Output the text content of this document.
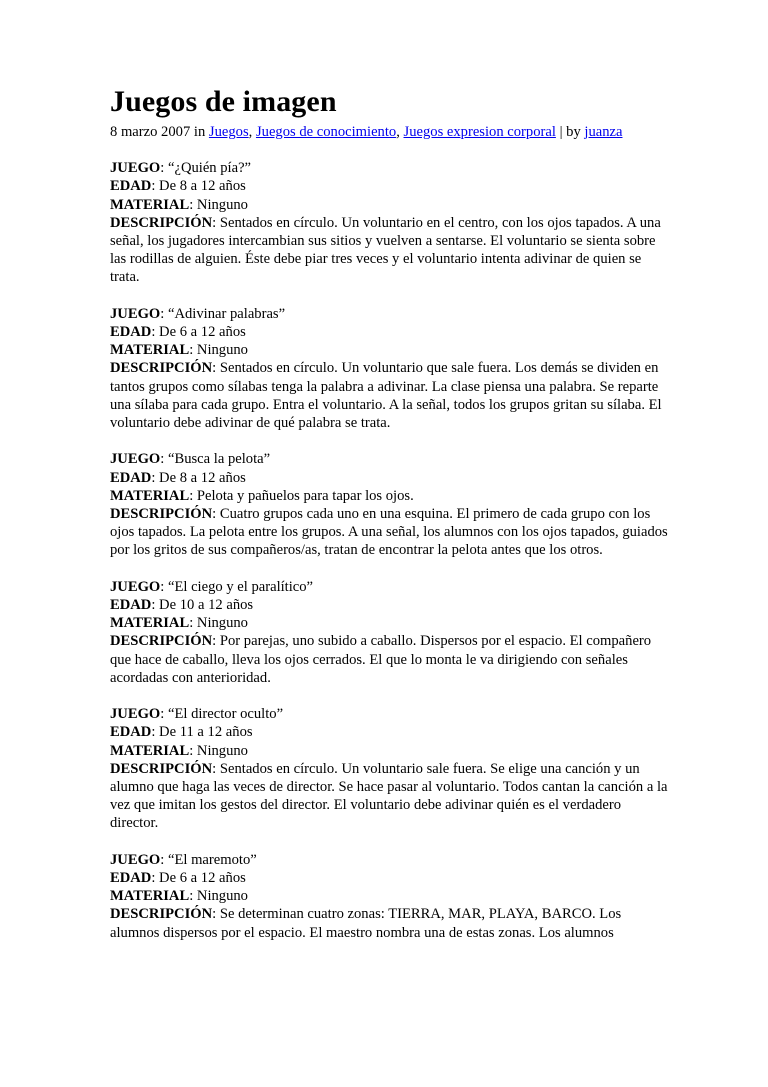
Juegos de imagen
8 marzo 2007 in Juegos, Juegos de conocimiento, Juegos expresion corporal | by juanza
JUEGO: “¿Quién pía?”
EDAD: De 8 a 12 años
MATERIAL: Ninguno
DESCRIPCIÓN: Sentados en círculo. Un voluntario en el centro, con los ojos tapados. A una señal, los jugadores intercambian sus sitios y vuelven a sentarse. El voluntario se sienta sobre las rodillas de alguien. Éste debe piar tres veces y el voluntario intenta adivinar de quien se trata.
JUEGO: “Adivinar palabras”
EDAD: De 6 a 12 años
MATERIAL: Ninguno
DESCRIPCIÓN: Sentados en círculo. Un voluntario que sale fuera. Los demás se dividen en tantos grupos como sílabas tenga la palabra a adivinar. La clase piensa una palabra. Se reparte una sílaba para cada grupo. Entra el voluntario. A la señal, todos los grupos gritan su sílaba. El voluntario debe adivinar de qué palabra se trata.
JUEGO: “Busca la pelota”
EDAD: De 8 a 12 años
MATERIAL: Pelota y pañuelos para tapar los ojos.
DESCRIPCIÓN: Cuatro grupos cada uno en una esquina. El primero de cada grupo con los ojos tapados. La pelota entre los grupos. A una señal, los alumnos con los ojos tapados, guiados por los gritos de sus compañeros/as, tratan de encontrar la pelota antes que los otros.
JUEGO: “El ciego y el paralítico”
EDAD: De 10 a 12 años
MATERIAL: Ninguno
DESCRIPCIÓN: Por parejas, uno subido a caballo. Dispersos por el espacio. El compañero que hace de caballo, lleva los ojos cerrados. El que lo monta le va dirigiendo con señales acordadas con anterioridad.
JUEGO: “El director oculto”
EDAD: De 11 a 12 años
MATERIAL: Ninguno
DESCRIPCIÓN: Sentados en círculo. Un voluntario sale fuera. Se elige una canción y un alumno que haga las veces de director. Se hace pasar al voluntario. Todos cantan la canción a la vez que imitan los gestos del director. El voluntario debe adivinar quién es el verdadero director.
JUEGO: “El maremoto”
EDAD: De 6 a 12 años
MATERIAL: Ninguno
DESCRIPCIÓN: Se determinan cuatro zonas: TIERRA, MAR, PLAYA, BARCO. Los alumnos dispersos por el espacio. El maestro nombra una de estas zonas. Los alumnos
